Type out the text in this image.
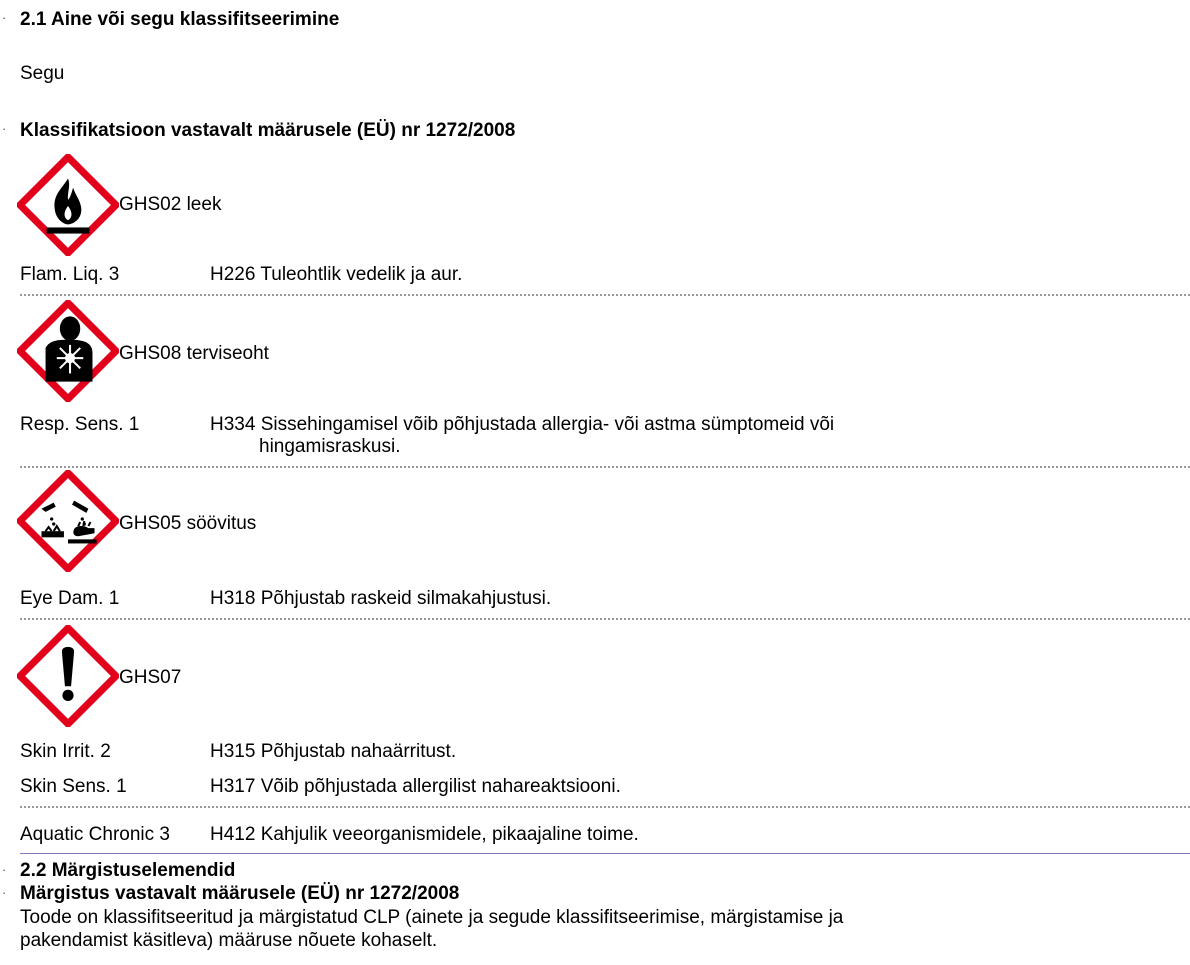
· 2.1 Aine või segu klassifitseerimine
Segu
· Klassifikatsioon vastavalt määrusele (EÜ) nr 1272/2008
GHS02 leek
Flam. Liq. 3	H226 Tuleohtlik vedelik ja aur.
GHS08 terviseoht
Resp. Sens. 1	H334 Sissehingamisel võib põhjustada allergia- või astma sümptomeid või
hingamisraskusi.
GHS05 söövitus
Eye Dam. 1	H318 Põhjustab raskeid silmakahjustusi.
GHS07
Skin Irrit. 2	H315 Põhjustab nahaärritust.
Skin Sens. 1	H317 Võib põhjustada allergilist nahareaktsiooni.
Aquatic Chronic 3 H412 Kahjulik veeorganismidele, pikaajaline toime.
· 2.2 Märgistuselemendid
· Märgistus vastavalt määrusele (EÜ) nr 1272/2008
Toode on klassifitseeritud ja märgistatud CLP (ainete ja segude klassifitseerimise, märgistamise ja
pakendamist käsitleva) määruse nõuete kohaselt.
